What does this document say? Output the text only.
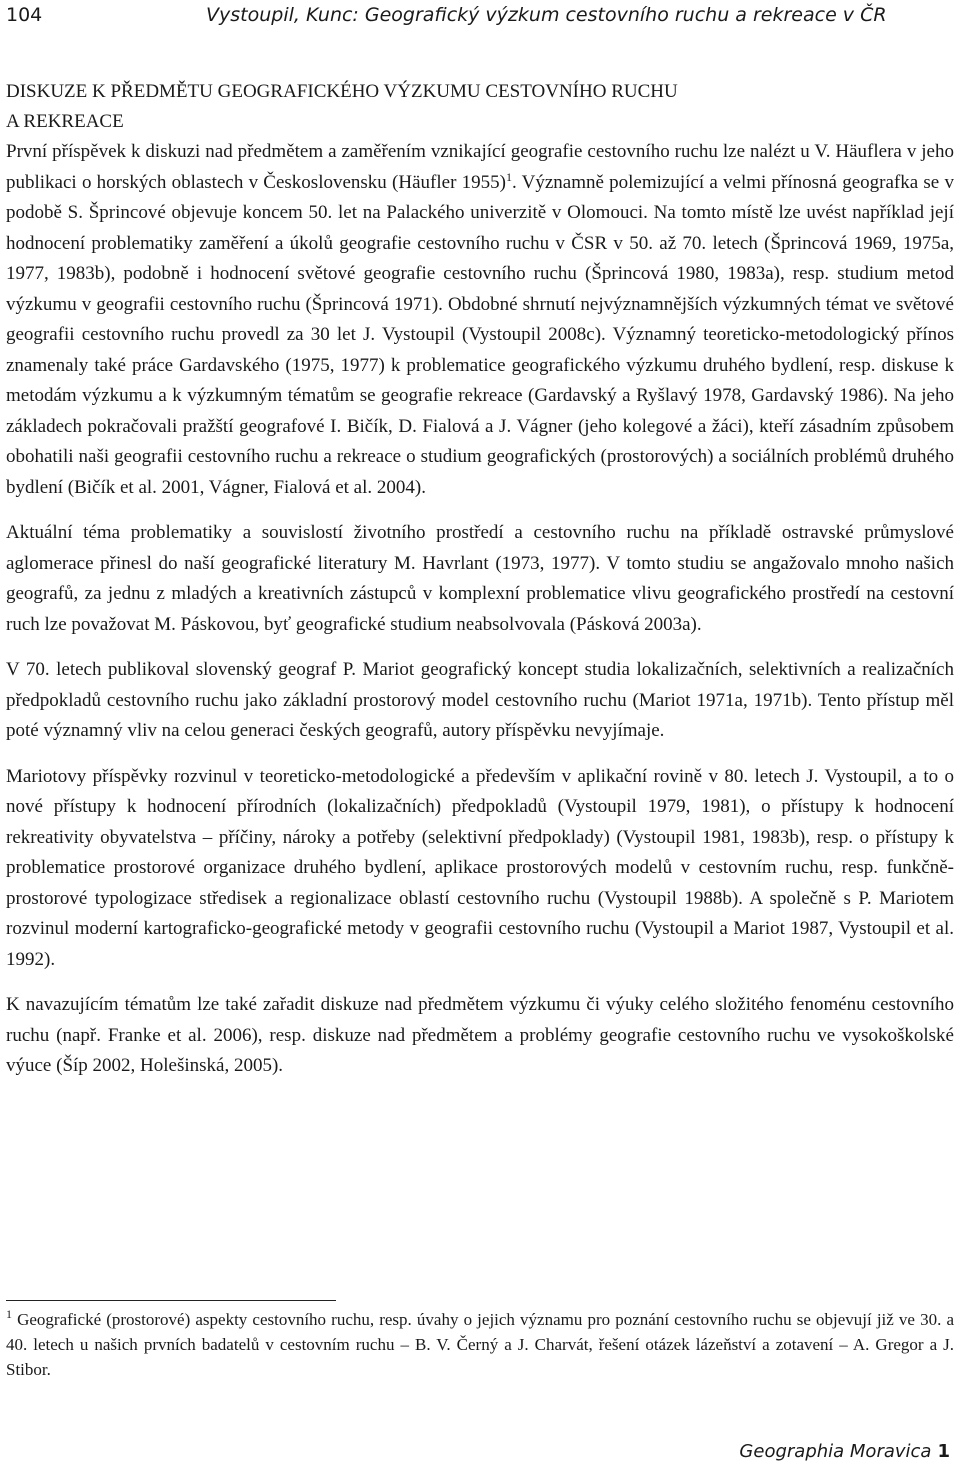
104	Vystoupil, Kunc: Geografický výzkum cestovního ruchu a rekreace v ČR
DISKUZE K PŘEDMĚTU GEOGRAFICKÉHO VÝZKUMU CESTOVNÍHO RUCHU
A REKREACE

První příspěvek k diskuzi nad předmětem a zaměřením vznikající geografie cestovního ruchu lze nalézt u V. Häuflera v jeho publikaci o horských oblastech v Československu (Häufler 1955)$^1$. Významně polemizující a velmi přínosná geografka se v podobě S. Šprincové objevuje koncem 50. let na Palackého univerzitě v Olomouci. Na tomto místě lze uvést například její hodnocení problematiky zaměření a úkolů geografie cestovního ruchu v ČSR v 50. až 70. letech (Šprincová 1969, 1975a, 1977, 1983b), podobně i hodnocení světové geografie cestovního ruchu (Šprincová 1980, 1983a), resp. studium metod výzkumu v geografii cestovního ruchu (Šprincová 1971). Obdobné shrnutí nejvýznamnějších výzkumných témat ve světové geografii cestovního ruchu provedl za 30 let J. Vystoupil (Vystoupil 2008c). Významný teoreticko-metodologický přínos znamenaly také práce Gardavského (1975, 1977) k problematice geografického výzkumu druhého bydlení, resp. diskuse k metodám výzkumu a k výzkumným tématům se geografie rekreace (Gardavský a Ryšlavý 1978, Gardavský 1986). Na jeho základech pokračovali pražští geografové I. Bičík, D. Fialová a J. Vágner (jeho kolegové a žáci), kteří zásadním způsobem obohatili naši geografii cestovního ruchu a rekreace o studium geografických (prostorových) a sociálních problémů druhého bydlení (Bičík et al. 2001, Vágner, Fialová et al. 2004).

Aktuální téma problematiky a souvislostí životního prostředí a cestovního ruchu na příkladě ostravské průmyslové aglomerace přinesl do naší geografické literatury M. Havrlant (1973, 1977). V tomto studiu se angažovalo mnoho našich geografů, za jednu z mladých a kreativních zástupců v komplexní problematice vlivu geografického prostředí na cestovní ruch lze považovat M. Páskovou, byť geografické studium neabsolvovala (Pásková 2003a).

V 70. letech publikoval slovenský geograf P. Mariot geografický koncept studia lokalizačních, selektivních a realizačních předpokladů cestovního ruchu jako základní prostorový model cestovního ruchu (Mariot 1971a, 1971b). Tento přístup měl poté významný vliv na celou generaci českých geografů, autory příspěvku nevyjímaje.

Mariotovy příspěvky rozvinul v teoreticko-metodologické a především v aplikační rovině v 80. letech J. Vystoupil, a to o nové přístupy k hodnocení přírodních (lokalizačních) předpokladů (Vystoupil 1979, 1981), o přístupy k hodnocení rekreativity obyvatelstva – příčiny, nároky a potřeby (selektivní předpoklady) (Vystoupil 1981, 1983b), resp. o přístupy k problematice prostorové organizace druhého bydlení, aplikace prostorových modelů v cestovním ruchu, resp. funkčně-prostorové typologizace středisek a regionalizace oblastí cestovního ruchu (Vystoupil 1988b). A společně s P. Mariotem rozvinul moderní kartograficko-geografické metody v geografii cestovního ruchu (Vystoupil a Mariot 1987, Vystoupil et al. 1992).

K navazujícím tématům lze také zařadit diskuze nad předmětem výzkumu či výuky celého složitého fenoménu cestovního ruchu (např. Franke et al. 2006), resp. diskuze nad předmětem a problémy geografie cestovního ruchu ve vysokoškolské výuce (Šíp 2002, Holešinská, 2005).

$^1$ Geografické (prostorové) aspekty cestovního ruchu, resp. úvahy o jejich významu pro poznání cestovního ruchu se objevují již ve 30. a 40. letech u našich prvních badatelů v cestovním ruchu – B. V. Černý a J. Charvát, řešení otázek lázeňství a zotavení – A. Gregor a J. Stibor.

Geographia Moravica 1
